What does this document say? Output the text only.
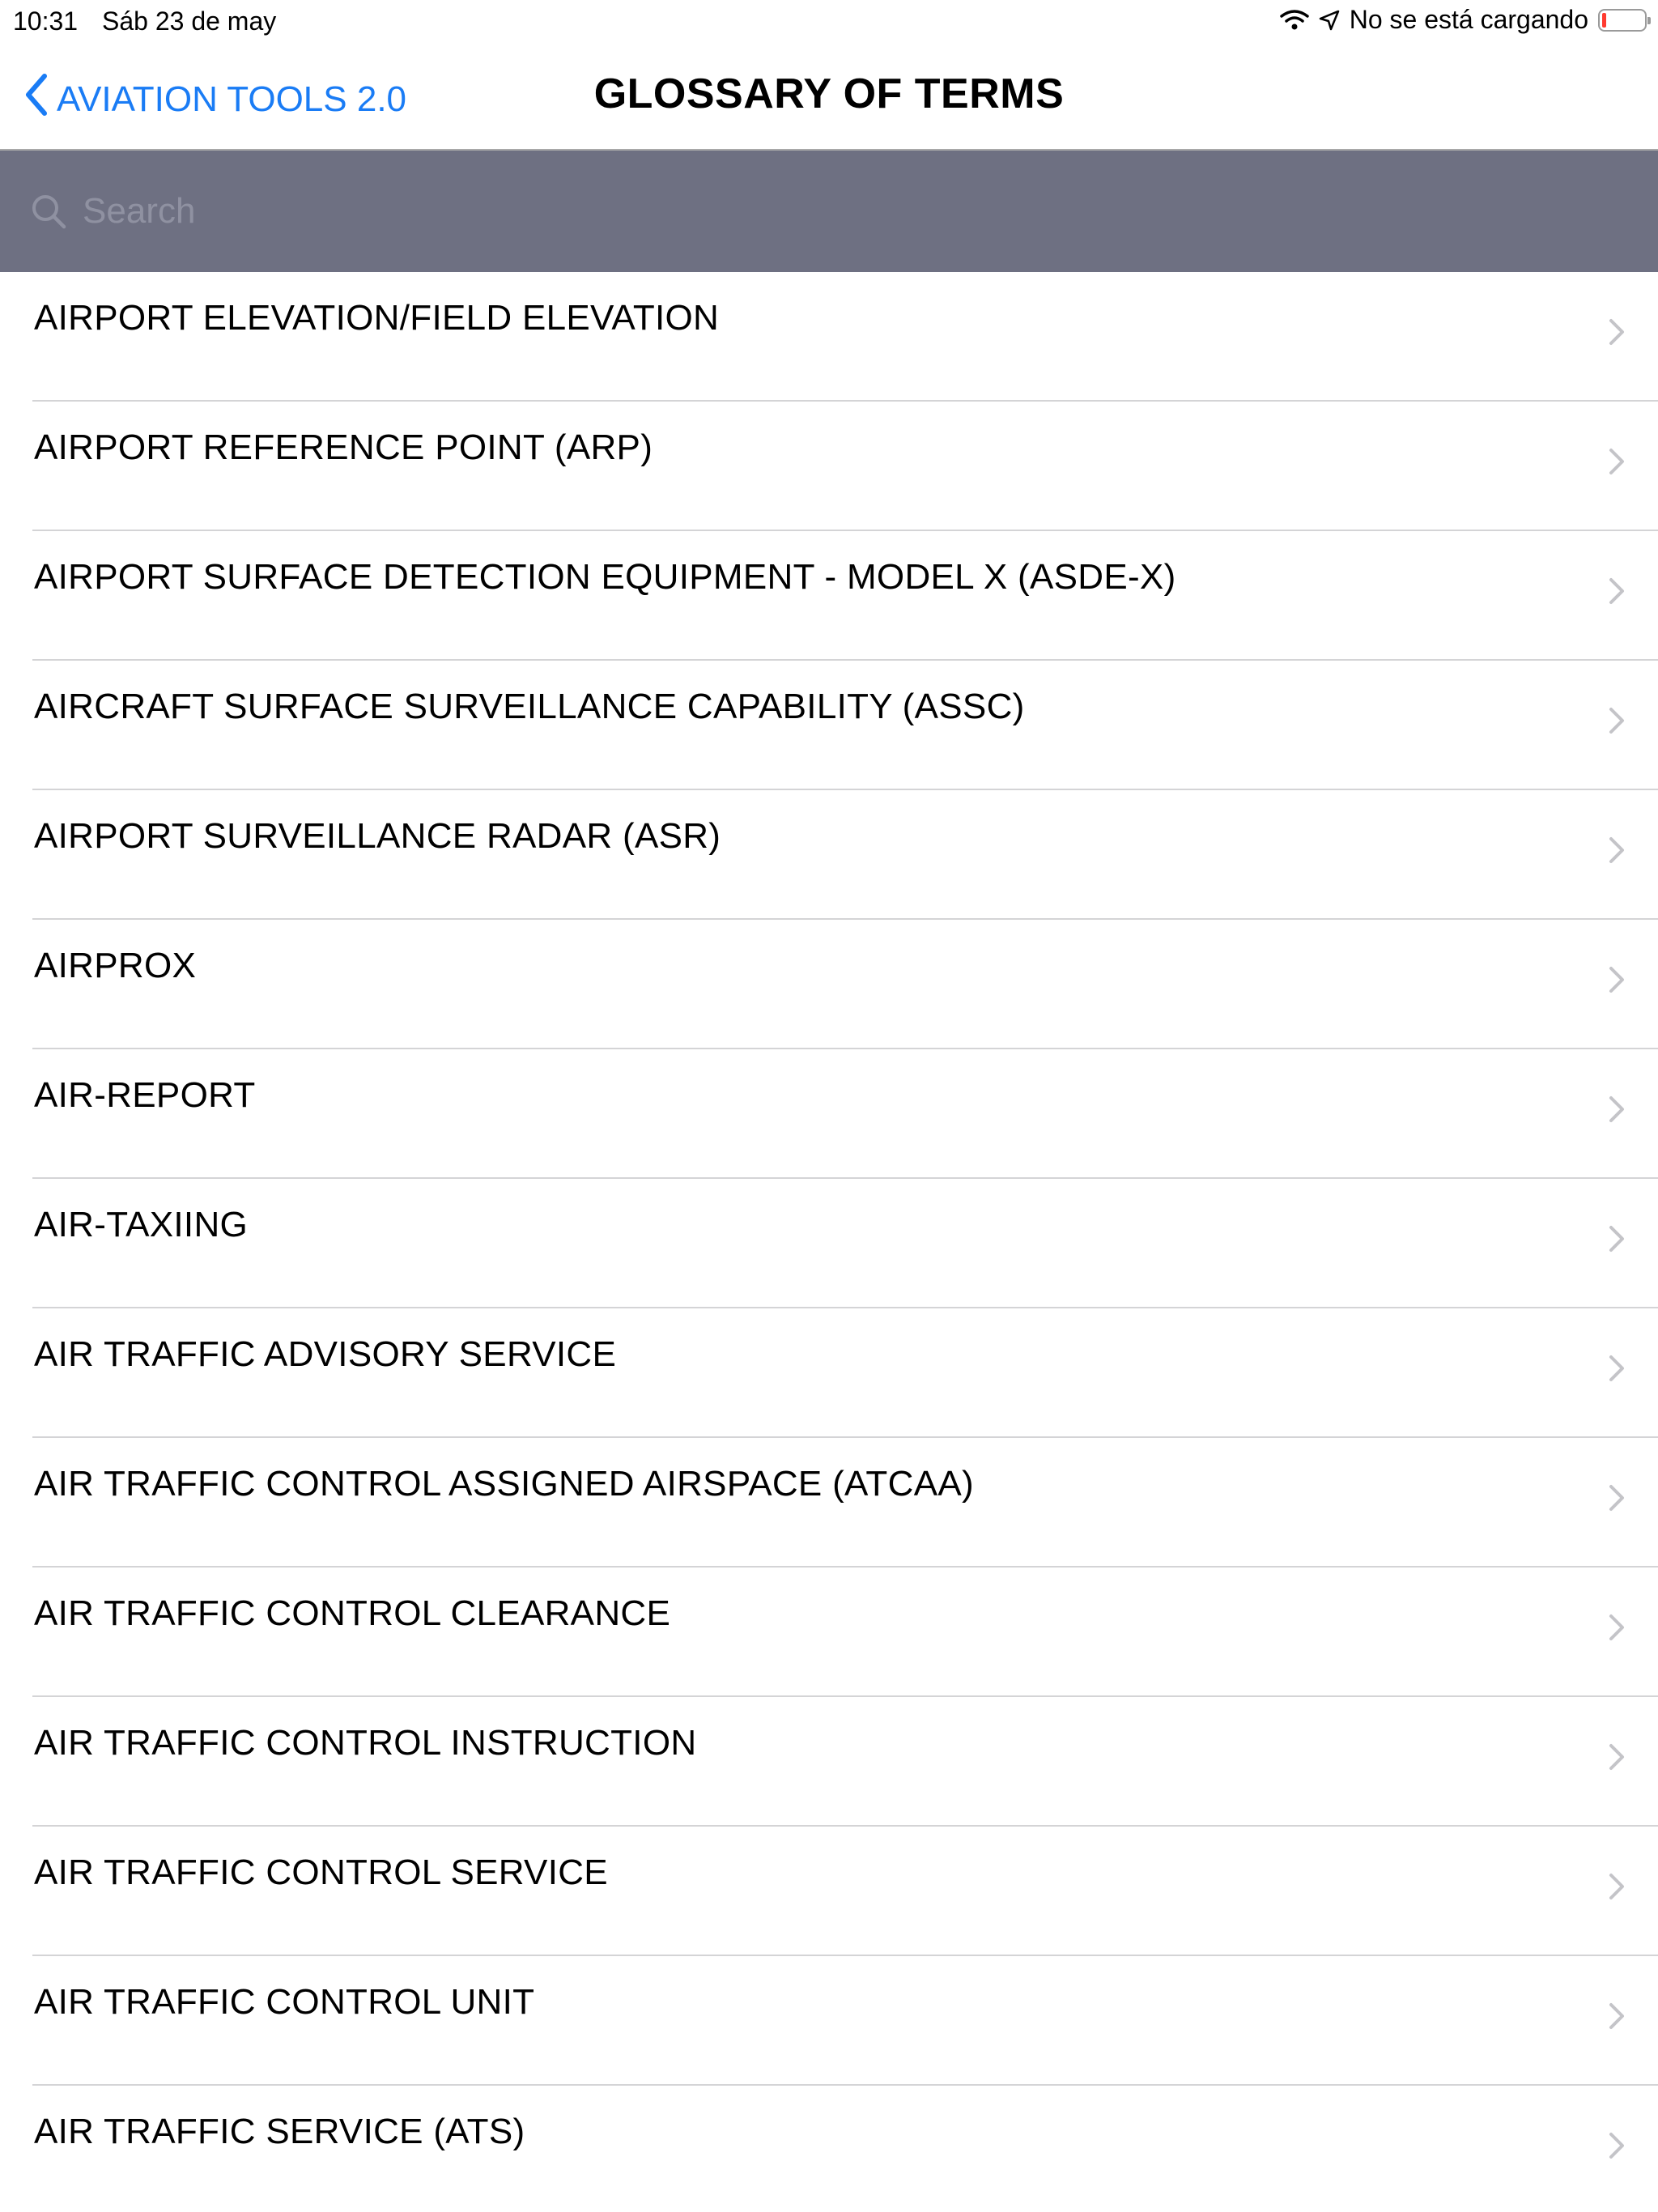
10:31 Sáb 23 de may	No se está cargando
AVIATION TOOLS 2.0	GLOSSARY OF TERMS
Search
AIRPORT ELEVATION/FIELD ELEVATION
AIRPORT REFERENCE POINT (ARP)
AIRPORT SURFACE DETECTION EQUIPMENT - MODEL X (ASDE-X)
AIRCRAFT SURFACE SURVEILLANCE CAPABILITY (ASSC)
AIRPORT SURVEILLANCE RADAR (ASR)
AIRPROX
AIR-REPORT
AIR-TAXIING
AIR TRAFFIC ADVISORY SERVICE
AIR TRAFFIC CONTROL ASSIGNED AIRSPACE (ATCAA)
AIR TRAFFIC CONTROL CLEARANCE
AIR TRAFFIC CONTROL INSTRUCTION
AIR TRAFFIC CONTROL SERVICE
AIR TRAFFIC CONTROL UNIT
AIR TRAFFIC SERVICE (ATS)
